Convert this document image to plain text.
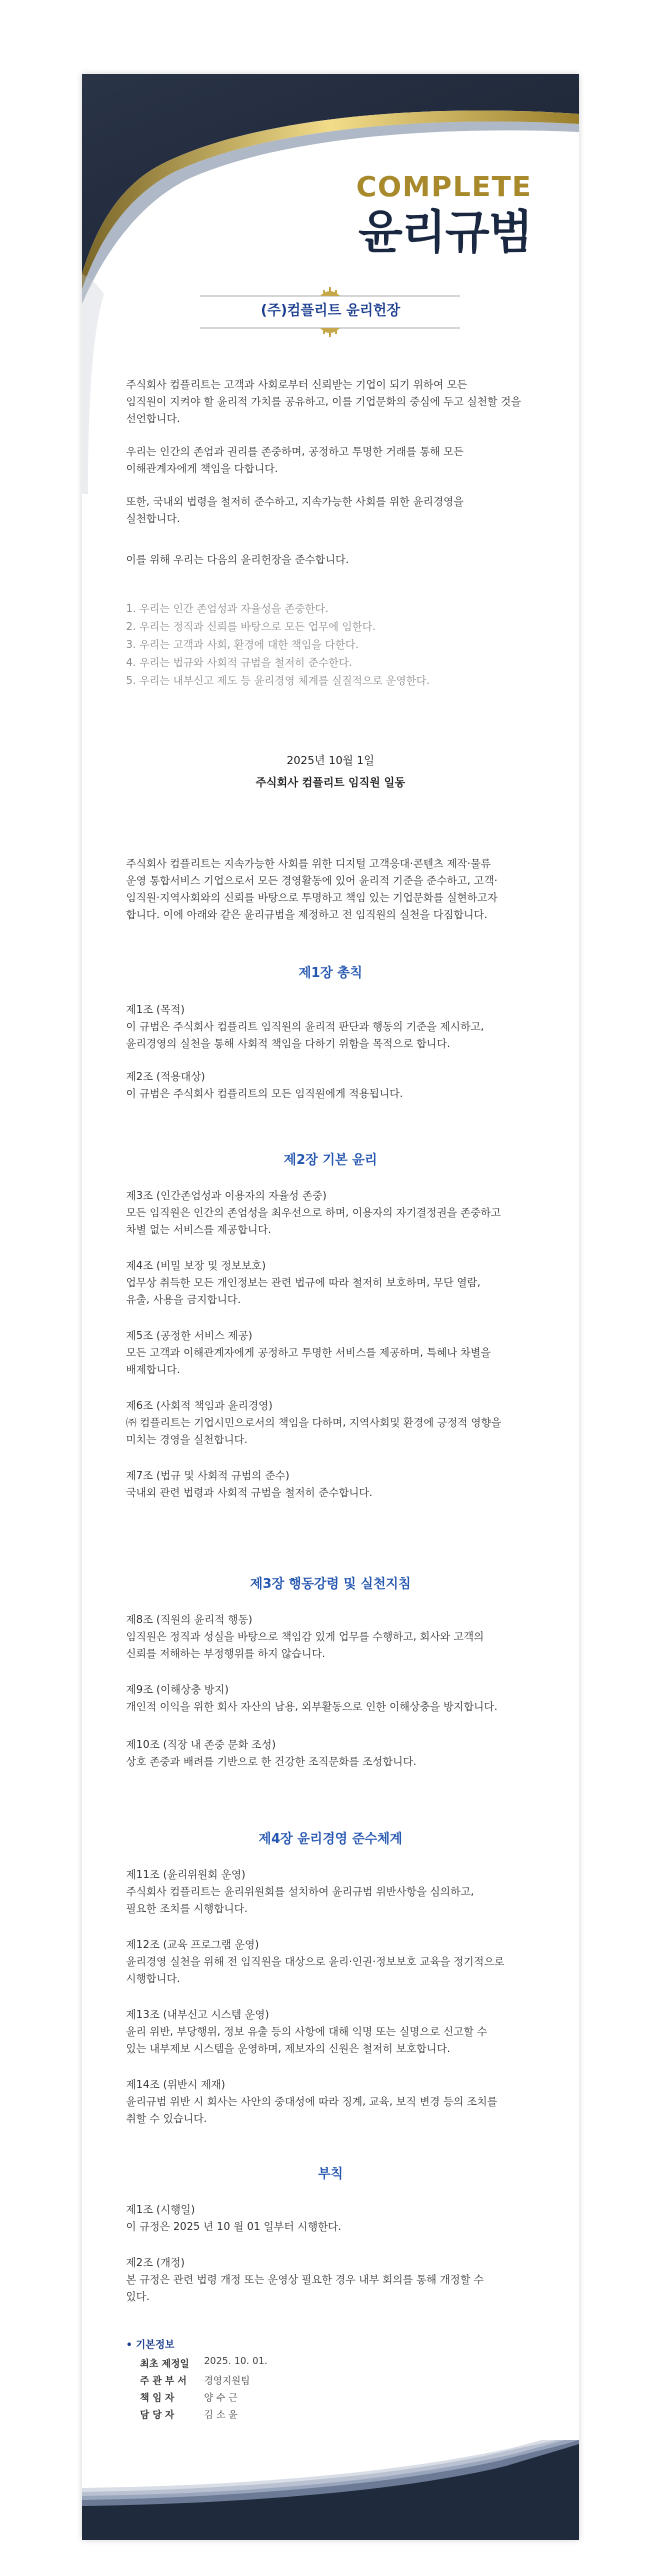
COMPLETE
윤리규범
(주)컴플리트 윤리헌장
주식회사 컴플리트는 고객과 사회로부터 신뢰받는 기업이 되기 위하여 모든
임직원이 지켜야 할 윤리적 가치를 공유하고, 이를 기업문화의 중심에 두고 실천할 것을
선언합니다.
우리는 인간의 존엄과 권리를 존중하며, 공정하고 투명한 거래를 통해 모든
이해관계자에게 책임을 다합니다.
또한, 국내외 법령을 철저히 준수하고, 지속가능한 사회를 위한 윤리경영을
실천합니다.
이를 위해 우리는 다음의 윤리헌장을 준수합니다.
1. 우리는 인간 존엄성과 자율성을 존중한다.
2. 우리는 정직과 신뢰를 바탕으로 모든 업무에 임한다.
3. 우리는 고객과 사회, 환경에 대한 책임을 다한다.
4. 우리는 법규와 사회적 규범을 철저히 준수한다.
5. 우리는 내부신고 제도 등 윤리경영 체계를 실질적으로 운영한다.
2025년 10월 1일
주식회사 컴플리트 임직원 일동
주식회사 컴플리트는 지속가능한 사회를 위한 디지털 고객응대·콘텐츠 제작·물류
운영 통합서비스 기업으로서 모든 경영활동에 있어 윤리적 기준을 준수하고, 고객·
임직원·지역사회와의 신뢰를 바탕으로 투명하고 책임 있는 기업문화를 실현하고자
합니다. 이에 아래와 같은 윤리규범을 제정하고 전 임직원의 실천을 다짐합니다.
제1장 총칙
제1조 (목적)
이 규범은 주식회사 컴플리트 임직원의 윤리적 판단과 행동의 기준을 제시하고,
윤리경영의 실천을 통해 사회적 책임을 다하기 위함을 목적으로 합니다.
제2조 (적용대상)
이 규범은 주식회사 컴플리트의 모든 임직원에게 적용됩니다.
제2장 기본 윤리
제3조 (인간존엄성과 이용자의 자율성 존중)
모든 임직원은 인간의 존엄성을 최우선으로 하며, 이용자의 자기결정권을 존중하고
차별 없는 서비스를 제공합니다.
제4조 (비밀 보장 및 정보보호)
업무상 취득한 모든 개인정보는 관련 법규에 따라 철저히 보호하며, 무단 열람,
유출, 사용을 금지합니다.
제5조 (공정한 서비스 제공)
모든 고객과 이해관계자에게 공정하고 투명한 서비스를 제공하며, 특혜나 차별을
배제합니다.
제6조 (사회적 책임과 윤리경영)
㈜ 컴플리트는 기업시민으로서의 책임을 다하며, 지역사회및 환경에 긍정적 영향을
미치는 경영을 실천합니다.
제7조 (법규 및 사회적 규범의 준수)
국내외 관련 법령과 사회적 규범을 철저히 준수합니다.
제3장 행동강령 및 실천지침
제8조 (직원의 윤리적 행동)
임직원은 정직과 성실을 바탕으로 책임감 있게 업무를 수행하고, 회사와 고객의
신뢰를 저해하는 부정행위를 하지 않습니다.
제9조 (이해상충 방지)
개인적 이익을 위한 회사 자산의 남용, 외부활동으로 인한 이해상충을 방지합니다.
제10조 (직장 내 존중 문화 조성)
상호 존중과 배려를 기반으로 한 건강한 조직문화를 조성합니다.
제4장 윤리경영 준수체계
제11조 (윤리위원회 운영)
주식회사 컴플리트는 윤리위원회를 설치하여 윤리규범 위반사항을 심의하고,
필요한 조치를 시행합니다.
제12조 (교육 프로그램 운영)
윤리경영 실천을 위해 전 임직원을 대상으로 윤리·인권·정보보호 교육을 정기적으로
시행합니다.
제13조 (내부신고 시스템 운영)
윤리 위반, 부당행위, 정보 유출 등의 사항에 대해 익명 또는 실명으로 신고할 수
있는 내부제보 시스템을 운영하며, 제보자의 신원은 철저히 보호합니다.
제14조 (위반시 제재)
윤리규범 위반 시 회사는 사안의 중대성에 따라 징계, 교육, 보직 변경 등의 조치를
취할 수 있습니다.
부칙
제1조 (시행일)
이 규정은 2025 년 10 월 01 일부터 시행한다.
제2조 (개정)
본 규정은 관련 법령 개정 또는 운영상 필요한 경우 내부 회의를 통해 개정할 수
있다.
• 기본정보
최초 제정일 2025. 10. 01.
주 관 부 서 경영지원팀
책 임 자	양 수 근
담 당 자	김 소 윤
